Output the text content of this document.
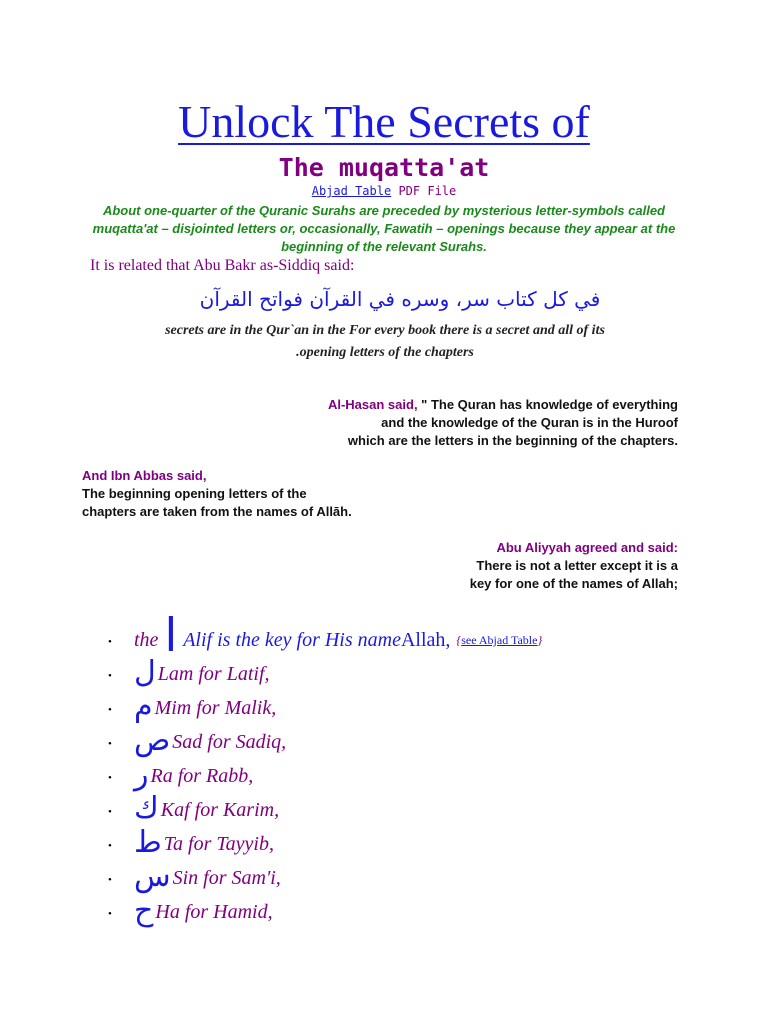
Unlock The Secrets of
The muqatta'at
Abjad Table PDF File
About one-quarter of the Quranic Surahs are preceded by mysterious letter-symbols called muqatta'at – disjointed letters or, occasionally, Fawatih – openings because they appear at the beginning of the relevant Surahs.
It is related that Abu Bakr as-Siddiq said:
في كل كتاب سر، وسره في القرآن فواتح القرآن
secrets are in the Qur`an in the For every book there is a secret and all of its
.opening letters of the chapters
Al-Hasan said, " The Quran has knowledge of everything
and the knowledge of the Quran is in the Huroof
which are the letters in the beginning of the chapters.
And Ibn Abbas said,
The beginning opening letters of the
chapters are taken from the names of Allāh.
Abu Aliyyah agreed and said:
There is not a letter except it is a
key for one of the names of Allah;
•	the ا Alif is the key for His name Allah, {see Abjad Table}
• ل Lam for Latif,
• م Mim for Malik,
• ص Sad for Sadiq,
• ر Ra for Rabb,
• ك Kaf for Karim,
• ط Ta for Tayyib,
• س Sin for Sam'i,
• ح Ha for Hamid,
